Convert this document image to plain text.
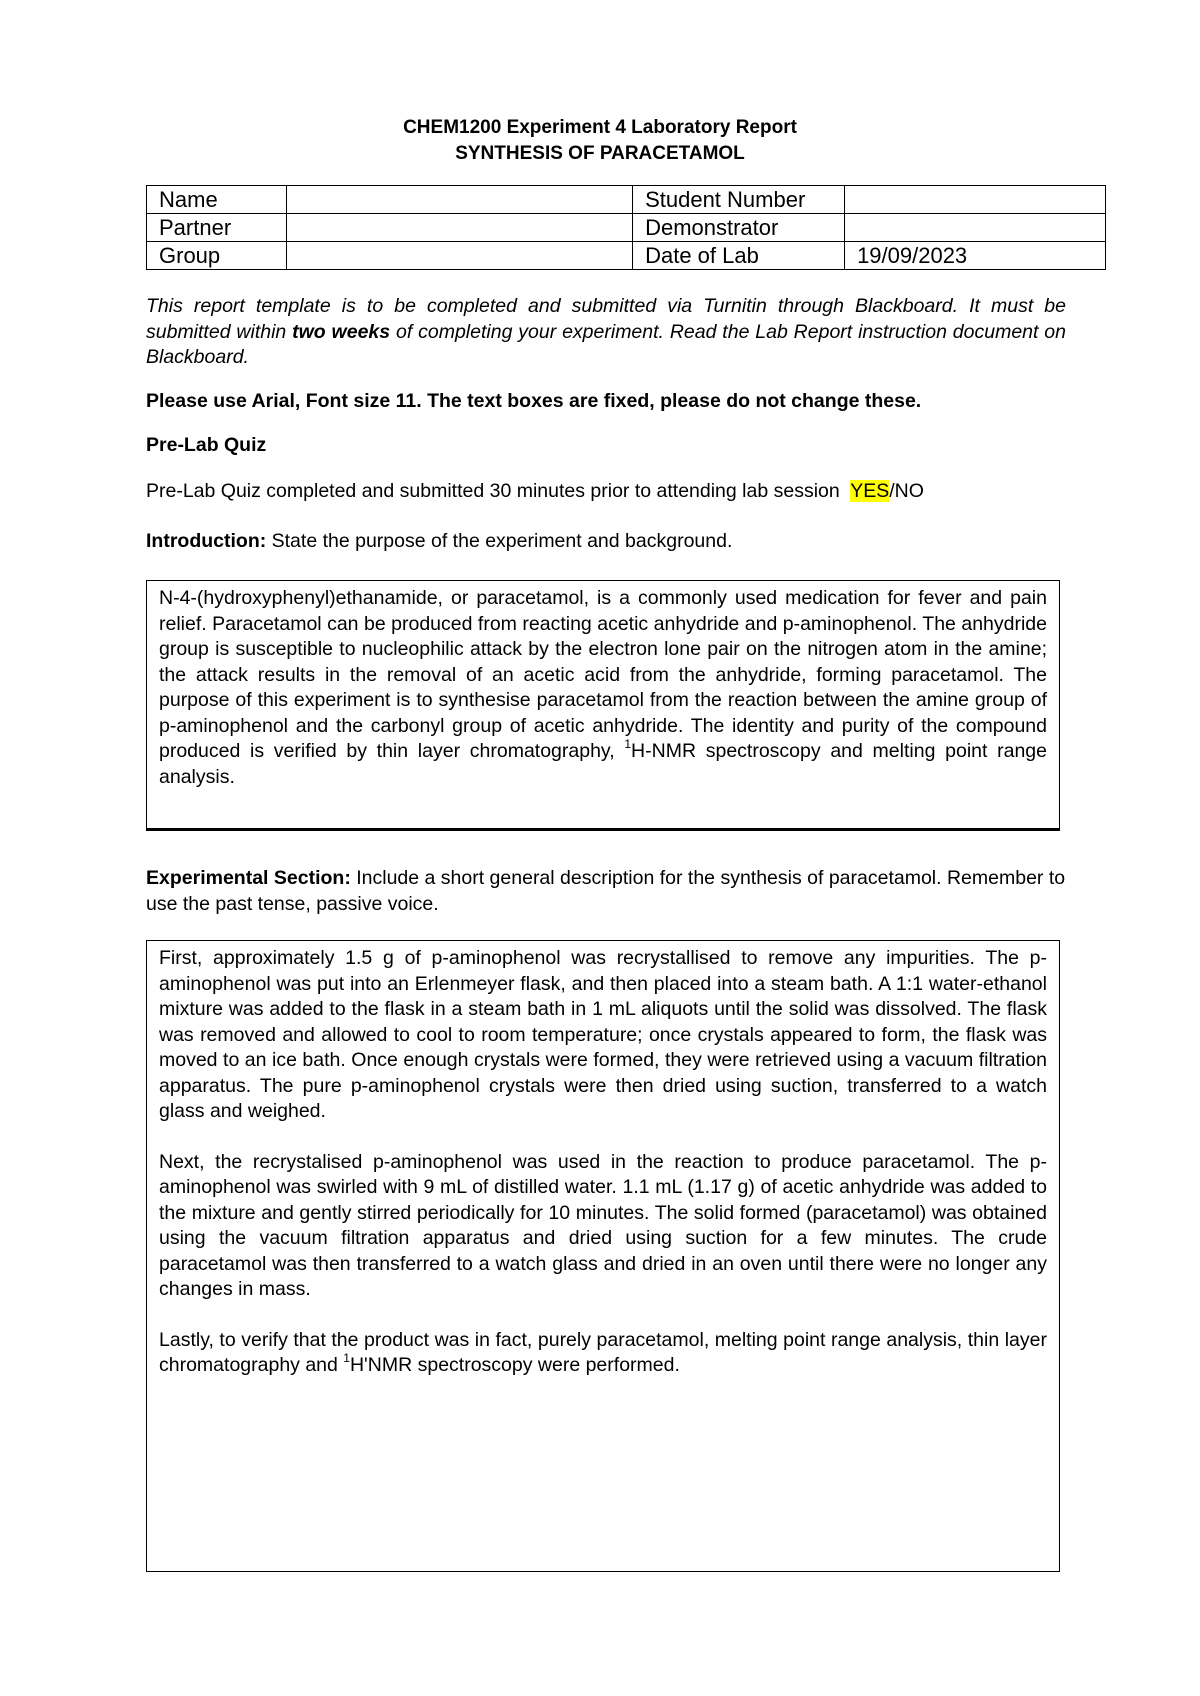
CHEM1200 Experiment 4 Laboratory Report
SYNTHESIS OF PARACETAMOL
Name		Student Number	
Partner		Demonstrator	
Group		Date of Lab	19/09/2023
This report template is to be completed and submitted via Turnitin through Blackboard. It must be submitted within two weeks of completing your experiment. Read the Lab Report instruction document on Blackboard.
Please use Arial, Font size 11. The text boxes are fixed, please do not change these.
Pre-Lab Quiz
Pre-Lab Quiz completed and submitted 30 minutes prior to attending lab session  YES/NO
Introduction: State the purpose of the experiment and background.
N-4-(hydroxyphenyl)ethanamide, or paracetamol, is a commonly used medication for fever and pain relief. Paracetamol can be produced from reacting acetic anhydride and p-aminophenol. The anhydride group is susceptible to nucleophilic attack by the electron lone pair on the nitrogen atom in the amine; the attack results in the removal of an acetic acid from the anhydride, forming paracetamol. The purpose of this experiment is to synthesise paracetamol from the reaction between the amine group of p-aminophenol and the carbonyl group of acetic anhydride. The identity and purity of the compound produced is verified by thin layer chromatography, $^1$H-NMR spectroscopy and melting point range analysis.
Experimental Section: Include a short general description for the synthesis of paracetamol. Remember to use the past tense, passive voice.

First, approximately 1.5 g of p-aminophenol was recrystallised to remove any impurities. The p-aminophenol was put into an Erlenmeyer flask, and then placed into a steam bath. A 1:1 water-ethanol mixture was added to the flask in a steam bath in 1 mL aliquots until the solid was dissolved. The flask was removed and allowed to cool to room temperature; once crystals appeared to form, the flask was moved to an ice bath. Once enough crystals were formed, they were retrieved using a vacuum filtration apparatus. The pure p-aminophenol crystals were then dried using suction, transferred to a watch glass and weighed.

Next, the recrystalised p-aminophenol was used in the reaction to produce paracetamol. The p-aminophenol was swirled with 9 mL of distilled water. 1.1 mL (1.17 g) of acetic anhydride was added to the mixture and gently stirred periodically for 10 minutes. The solid formed (paracetamol) was obtained using the vacuum filtration apparatus and dried using suction for a few minutes. The crude paracetamol was then transferred to a watch glass and dried in an oven until there were no longer any changes in mass.

Lastly, to verify that the product was in fact, purely paracetamol, melting point range analysis, thin layer chromatography and $^1$H'NMR spectroscopy were performed.
